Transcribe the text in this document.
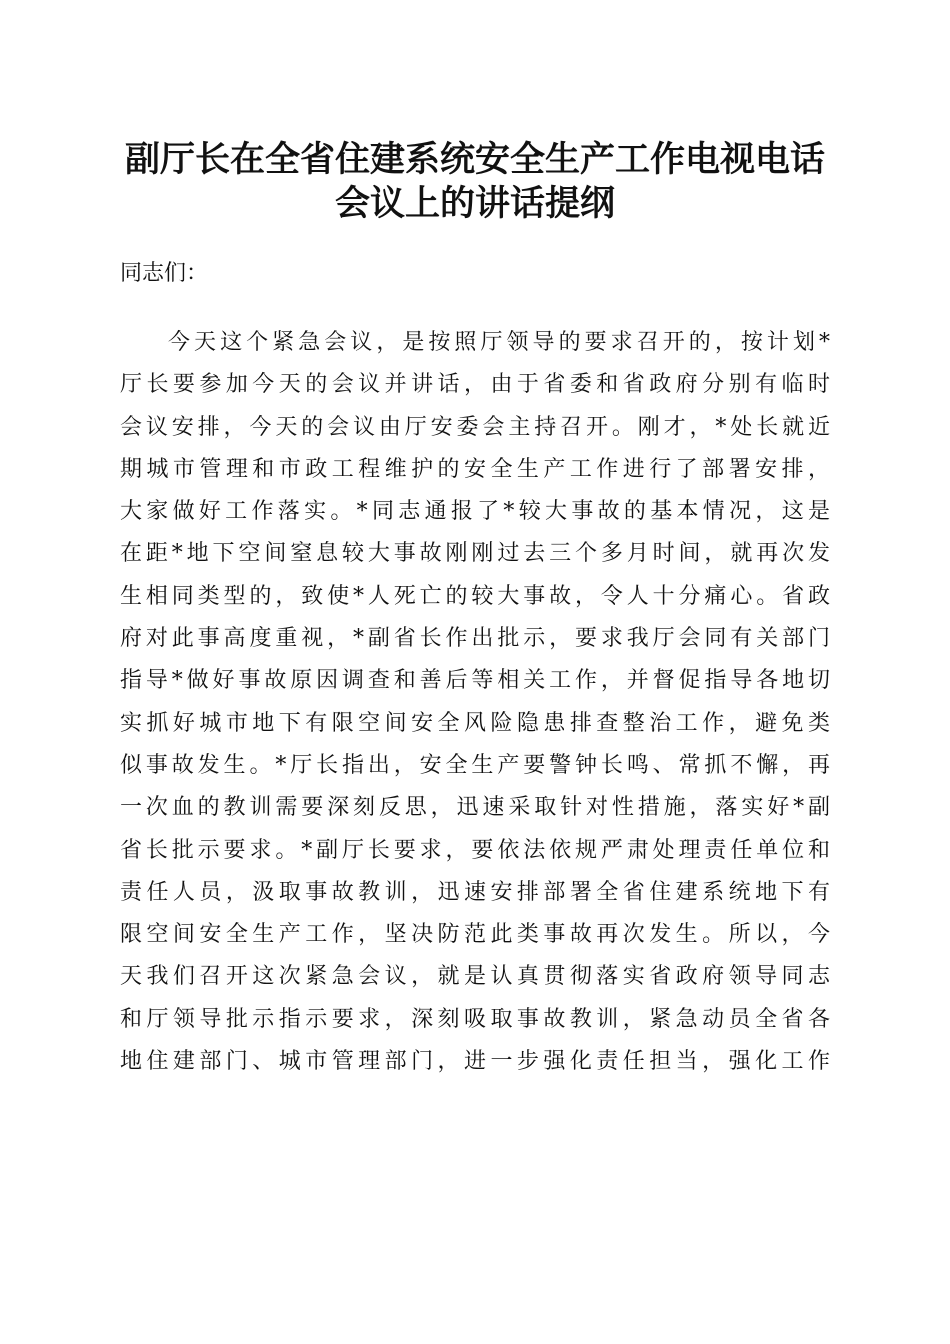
副厅长在全省住建系统安全生产工作电视电话
会议上的讲话提纲

同志们：

今天这个紧急会议，是按照厅领导的要求召开的，按计划*
厅长要参加今天的会议并讲话，由于省委和省政府分别有临时
会议安排，今天的会议由厅安委会主持召开。刚才，*处长就近
期城市管理和市政工程维护的安全生产工作进行了部署安排，
大家做好工作落实。*同志通报了*较大事故的基本情况，这是
在距*地下空间窒息较大事故刚刚过去三个多月时间，就再次发
生相同类型的，致使*人死亡的较大事故，令人十分痛心。省政
府对此事高度重视，*副省长作出批示，要求我厅会同有关部门
指导*做好事故原因调查和善后等相关工作，并督促指导各地切
实抓好城市地下有限空间安全风险隐患排查整治工作，避免类
似事故发生。*厅长指出，安全生产要警钟长鸣、常抓不懈，再
一次血的教训需要深刻反思，迅速采取针对性措施，落实好*副
省长批示要求。*副厅长要求，要依法依规严肃处理责任单位和
责任人员，汲取事故教训，迅速安排部署全省住建系统地下有
限空间安全生产工作，坚决防范此类事故再次发生。所以，今
天我们召开这次紧急会议，就是认真贯彻落实省政府领导同志
和厅领导批示指示要求，深刻吸取事故教训，紧急动员全省各
地住建部门、城市管理部门，进一步强化责任担当，强化工作
